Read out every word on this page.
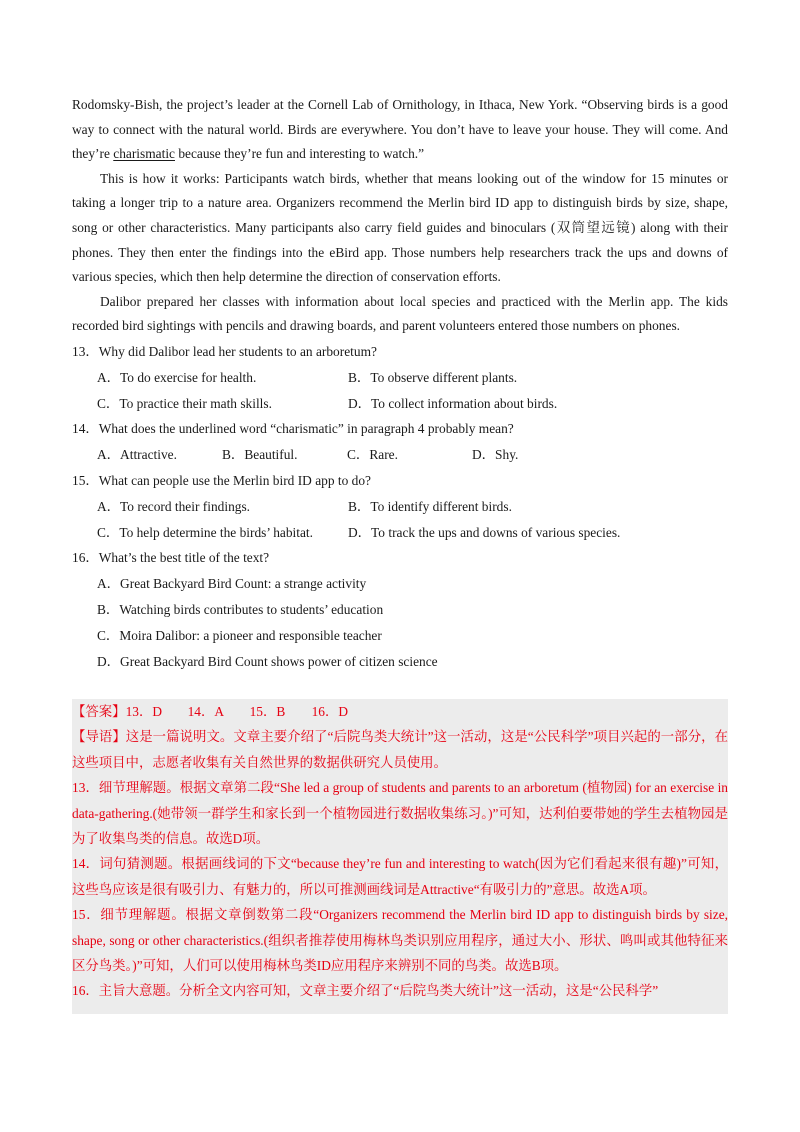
Rodomsky-Bish, the project’s leader at the Cornell Lab of Ornithology, in Ithaca, New York. “Observing birds is a good way to connect with the natural world. Birds are everywhere. You don’t have to leave your house. They will come. And they’re charismatic because they’re fun and interesting to watch.”

This is how it works: Participants watch birds, whether that means looking out of the window for 15 minutes or taking a longer trip to a nature area. Organizers recommend the Merlin bird ID app to distinguish birds by size, shape, song or other characteristics. Many participants also carry field guides and binoculars (双筒望远镜) along with their phones. They then enter the findings into the eBird app. Those numbers help researchers track the ups and downs of various species, which then help determine the direction of conservation efforts.

Dalibor prepared her classes with information about local species and practiced with the Merlin app. The kids recorded bird sightings with pencils and drawing boards, and parent volunteers entered those numbers on phones.

13．Why did Dalibor lead her students to an arboretum?

A．To do exercise for health.	B．To observe different plants.
C．To practice their math skills.	D．To collect information about birds.

14．What does the underlined word “charismatic” in paragraph 4 probably mean?

A．Attractive.	B．Beautiful.	C．Rare.	D．Shy.

15．What can people use the Merlin bird ID app to do?

A．To record their findings.	B．To identify different birds.
C．To help determine the birds’ habitat.	D．To track the ups and downs of various species.

16．What’s the best title of the text?

A．Great Backyard Bird Count: a strange activity
B．Watching birds contributes to students’ education
C．Moira Dalibor: a pioneer and responsible teacher
D．Great Backyard Bird Count shows power of citizen science

【答案】13．D 14．A 15．B 16．D

【导语】这是一篇说明文。文章主要介绍了“后院鸟类大统计”这一活动，这是“公民科学”项目兴起的一部分，在这些项目中，志愿者收集有关自然世界的数据供研究人员使用。

13．细节理解题。根据文章第二段“She led a group of students and parents to an arboretum (植物园) for an exercise in data-gathering.(她带领一群学生和家长到一个植物园进行数据收集练习。)”可知，达利伯要带她的学生去植物园是为了收集鸟类的信息。故选D项。

14．词句猜测题。根据画线词的下文“because they’re fun and interesting to watch(因为它们看起来很有趣)”可知，这些鸟应该是很有吸引力、有魅力的，所以可推测画线词是Attractive“有吸引力的”意思。故选A项。

15．细节理解题。根据文章倒数第二段“Organizers recommend the Merlin bird ID app to distinguish birds by size, shape, song or other characteristics.(组织者推荐使用梅林鸟类识别应用程序，通过大小、形状、鸣叫或其他特征来区分鸟类。)”可知，人们可以使用梅林鸟类ID应用程序来辨别不同的鸟类。故选B项。

16．主旨大意题。分析全文内容可知，文章主要介绍了“后院鸟类大统计”这一活动，这是“公民科学”
